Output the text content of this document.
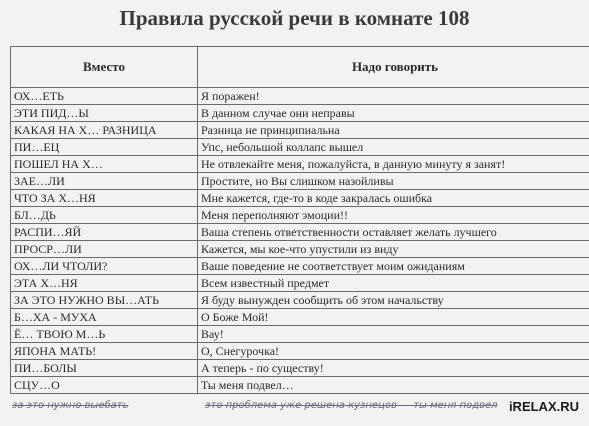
Правила русской речи в комнате 108
Вместо	Надо говорить
ОХ…ЕТЬ	Я поражен!
ЭТИ ПИД…Ы	В данном случае они неправы
КАКАЯ НА Х… РАЗНИЦА	Разница не принципиальна
ПИ…ЕЦ	Упс, небольшой коллапс вышел
ПОШЕЛ НА Х…	Не отвлекайте меня, пожалуйста, в данную минуту я занят!
ЗАЕ…ЛИ	Простите, но Вы слишком назойливы
ЧТО ЗА Х…НЯ	Мне кажется, где-то в коде закралась ошибка
БЛ…ДЬ	Меня переполняют эмоции!!
РАСПИ…ЯЙ	Ваша степень ответственности оставляет желать лучшего
ПРОСР…ЛИ	Кажется, мы кое-что упустили из виду
ОХ…ЛИ ЧТОЛИ?	Ваше поведение не соответствует моим ожиданиям
ЭТА Х…НЯ	Всем известный предмет
ЗА ЭТО НУЖНО ВЫ…АТЬ	Я буду вынужден сообщить об этом начальству
Б…ХА - МУХА	О Боже Мой!
Ё… ТВОЮ М…Ь	Вау!
ЯПОНА МАТЬ!	О, Снегурочка!
ПИ…БОЛЫ	А теперь - по существу!
СЦУ…О	Ты меня подвел…
за это нужно выебать	это проблема уже решена кузнецов — ты меня подвел iRELAX.RU
